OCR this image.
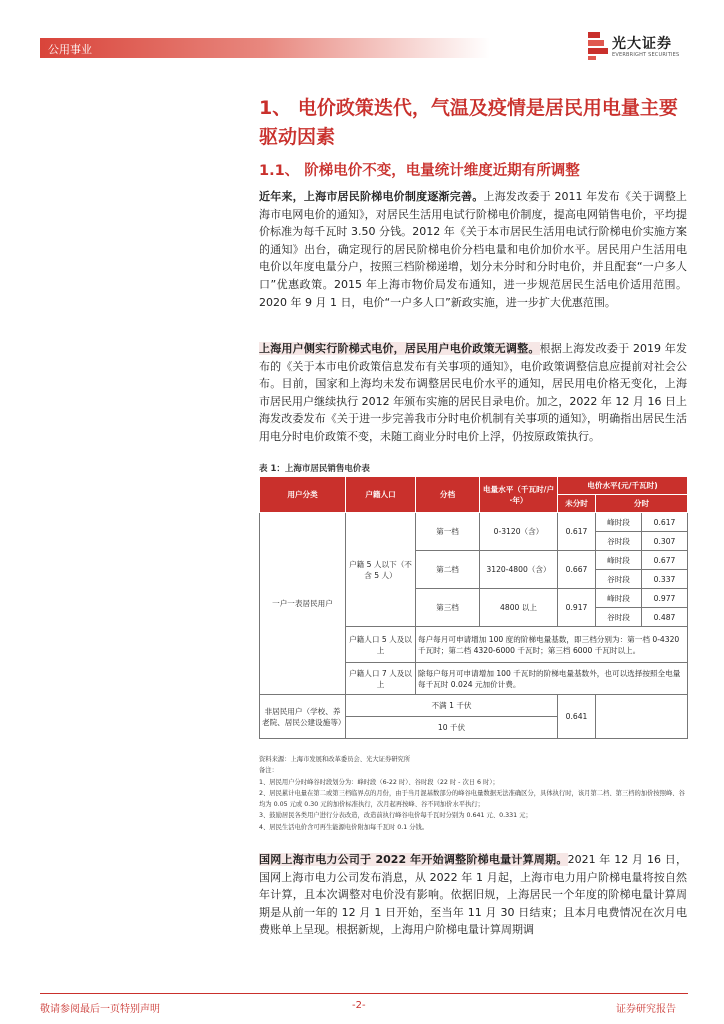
公用事业	光大证券
EVERBRIGHT SECURITIES
1、 电价政策迭代，气温及疫情是居民用电量主要驱动因素
1.1、 阶梯电价不变，电量统计维度近期有所调整
近年来，上海市居民阶梯电价制度逐渐完善。上海发改委于 2011 年发布《关于调整上海市电网电价的通知》，对居民生活用电试行阶梯电价制度，提高电网销售电价，平均提价标准为每千瓦时 3.50 分钱。2012 年《关于本市居民生活用电试行阶梯电价实施方案的通知》出台，确定现行的居民阶梯电价分档电量和电价加价水平。居民用户生活用电电价以年度电量分户，按照三档阶梯递增，划分未分时和分时电价，并且配套“一户多人口”优惠政策。2015 年上海市物价局发布通知，进一步规范居民生活电价适用范围。2020 年 9 月 1 日，电价“一户多人口”新政实施，进一步扩大优惠范围。
上海用户侧实行阶梯式电价，居民用户电价政策无调整。根据上海发改委于 2019 年发布的《关于本市电价政策信息发布有关事项的通知》，电价政策调整信息应提前对社会公布。目前，国家和上海均未发布调整居民电价水平的通知，居民用电价格无变化，上海市居民用户继续执行 2012 年颁布实施的居民目录电价。加之，2022 年 12 月 16 日上海发改委发布《关于进一步完善我市分时电价机制有关事项的通知》，明确指出居民生活用电分时电价政策不变，未随工商业分时电价上浮，仍按原政策执行。
表 1：上海市居民销售电价表
用户分类	户籍人口	分档	电量水平（千瓦时/户·年）	电价水平(元/千瓦时)		
				未分时	分时	
一户一表居民用户	户籍 5 人以下（不含 5 人）	第一档	0-3120（含）	0.617	峰时段	0.617
					谷时段	0.307
		第二档	3120-4800（含）	0.667	峰时段	0.677
					谷时段	0.337
		第三档	4800 以上	0.917	峰时段	0.977
					谷时段	0.487
	户籍人口 5 人及以上	每户每月可申请增加 100 度的阶梯电量基数，即三档分别为：第一档 0-4320 千瓦时；第二档 4320-6000 千瓦时；第三档 6000 千瓦时以上。				
	户籍人口 7 人及以上	除每户每月可申请增加 100 千瓦时的阶梯电量基数外，也可以选择按照全电量每千瓦时 0.024 元加价计费。				
非居民用户（学校、养老院、居民公建设施等）	不满 1 千伏			0.641		
	10 千伏					
资料来源：上海市发展和改革委员会、光大证券研究所
备注：
1、居民用户分时峰谷时段划分为：峰时段（6-22 时）、谷时段（22 时 - 次日 6 时）；
2、居民累计电量在第二或第三档临界点的月份，由于当月混基数部分的峰谷电量数据无法准确区分，具体执行时，该月第二档、第三档的加价按照峰、谷均为 0.05 元或 0.30 元的加价标准执行，次月起再按峰、谷不同加价水平执行；
3、鼓励居民各类用户进行分表改造，改造前执行峰谷电价每千瓦时分别为 0.641 元、0.331 元；
4、居民生活电价含可再生能源电价附加每千瓦时 0.1 分钱。
国网上海市电力公司于 2022 年开始调整阶梯电量计算周期。2021 年 12 月 16 日，国网上海市电力公司发布消息，从 2022 年 1 月起，上海市电力用户阶梯电量将按自然年计算，且本次调整对电价没有影响。依据旧规，上海居民一个年度的阶梯电量计算周期是从前一年的 12 月 1 日开始，至当年 11 月 30 日结束；且本月电费情况在次月电费账单上呈现。根据新规，上海用户阶梯电量计算周期调
敬请参阅最后一页特别声明	-2-	证券研究报告
